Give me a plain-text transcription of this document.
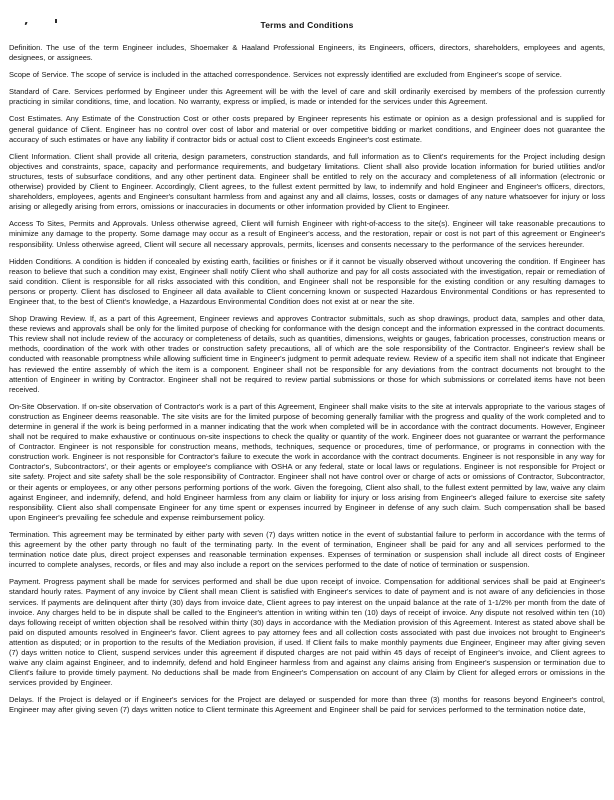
Terms and Conditions

Definition. The use of the term Engineer includes, Shoemaker & Haaland Professional Engineers, its Engineers, officers, directors, shareholders, employees and agents, designees, or assignees.

Scope of Service. The scope of service is included in the attached correspondence. Services not expressly identified are excluded from Engineer's scope of service.

Standard of Care. Services performed by Engineer under this Agreement will be with the level of care and skill ordinarily exercised by members of the profession currently practicing in similar conditions, time, and location. No warranty, express or implied, is made or intended for the services under this Agreement.

Cost Estimates. Any Estimate of the Construction Cost or other costs prepared by Engineer represents his estimate or opinion as a design professional and is supplied for general guidance of Client. Engineer has no control over cost of labor and material or over competitive bidding or market conditions, and Engineer does not guarantee the accuracy of such estimates or have any liability if contractor bids or actual cost to Client exceeds Engineer's cost estimate.

Client Information. Client shall provide all criteria, design parameters, construction standards, and full information as to Client's requirements for the Project including design objectives and constraints, space, capacity and performance requirements, and budgetary limitations. Client shall also provide location information for buried utilities and/or structures, tests of subsurface conditions, and any other pertinent data. Engineer shall be entitled to rely on the accuracy and completeness of all information (electronic or otherwise) provided by Client to Engineer. Accordingly, Client agrees, to the fullest extent permitted by law, to indemnify and hold Engineer and Engineer's officers, directors, shareholders, employees, agents and Engineer's consultant harmless from and against any and all claims, losses, costs or damages of any nature whatsoever for injury or loss arising or allegedly arising from errors, omissions or inaccuracies in documents or other information provided by Client to Engineer.

Access To Sites, Permits and Approvals. Unless otherwise agreed, Client will furnish Engineer with right-of-access to the site(s). Engineer will take reasonable precautions to minimize any damage to the property. Some damage may occur as a result of Engineer's access, and the restoration, repair or cost is not part of this agreement or Engineer's responsibility. Unless otherwise agreed, Client will secure all necessary approvals, permits, licenses and consents necessary to the performance of the services hereunder.

Hidden Conditions. A condition is hidden if concealed by existing earth, facilities or finishes or if it cannot be visually observed without uncovering the condition. If Engineer has reason to believe that such a condition may exist, Engineer shall notify Client who shall authorize and pay for all costs associated with the investigation, repair or remediation of said condition. Client is responsible for all risks associated with this condition, and Engineer shall not be responsible for the existing condition or any resulting damages to persons or property. Client has disclosed to Engineer all data available to Client concerning known or suspected Hazardous Environmental Conditions or has represented to Engineer that, to the best of Client's knowledge, a Hazardous Environmental Condition does not exist at or near the site.

Shop Drawing Review. If, as a part of this Agreement, Engineer reviews and approves Contractor submittals, such as shop drawings, product data, samples and other data, these reviews and approvals shall be only for the limited purpose of checking for conformance with the design concept and the information expressed in the contract documents. This review shall not include review of the accuracy or completeness of details, such as quantities, dimensions, weights or gauges, fabrication processes, construction means or methods, coordination of the work with other trades or construction safety precautions, all of which are the sole responsibility of the Contractor. Engineer's review shall be conducted with reasonable promptness while allowing sufficient time in Engineer's judgment to permit adequate review. Review of a specific item shall not indicate that Engineer has reviewed the entire assembly of which the item is a component. Engineer shall not be responsible for any deviations from the contract documents not brought to the attention of Engineer in writing by Contractor. Engineer shall not be required to review partial submissions or those for which submissions or correlated items have not been received.

On-Site Observation. If on-site observation of Contractor's work is a part of this Agreement, Engineer shall make visits to the site at intervals appropriate to the various stages of construction as Engineer deems reasonable. The site visits are for the limited purpose of becoming generally familiar with the progress and quality of the work completed and to determine in general if the work is being performed in a manner indicating that the work when completed will be in accordance with the contract documents. However, Engineer shall not be required to make exhaustive or continuous on-site inspections to check the quality or quantity of the work. Engineer does not guarantee or warrant the performance of Contractor. Engineer is not responsible for construction means, methods, techniques, sequence or procedures, time of performance, or programs in connection with the construction work. Engineer is not responsible for Contractor's failure to execute the work in accordance with the contract documents. Engineer is not responsible in any way for Contractor's, Subcontractors', or their agents or employee's compliance with OSHA or any federal, state or local laws or regulations. Engineer is not responsible for Project or site safety. Project and site safety shall be the sole responsibility of Contractor. Engineer shall not have control over or charge of acts or omissions of Contractor, Subcontractor, or their agents or employees, or any other persons performing portions of the work. Given the foregoing, Client also shall, to the fullest extent permitted by law, waive any claim against Engineer, and indemnify, defend, and hold Engineer harmless from any claim or liability for injury or loss arising from Engineer's alleged failure to exercise site safety responsibility. Client also shall compensate Engineer for any time spent or expenses incurred by Engineer in defense of any such claim. Such compensation shall be based upon Engineer's prevailing fee schedule and expense reimbursement policy.

Termination. This agreement may be terminated by either party with seven (7) days written notice in the event of substantial failure to perform in accordance with the terms of this agreement by the other party through no fault of the terminating party. In the event of termination, Engineer shall be paid for any and all services performed to the termination notice date plus, direct project expenses and reasonable termination expenses. Expenses of termination or suspension shall include all direct costs of Engineer incurred to complete analyses, records, or files and may also include a report on the services performed to the date of notice of termination or suspension.

Payment. Progress payment shall be made for services performed and shall be due upon receipt of invoice. Compensation for additional services shall be paid at Engineer's standard hourly rates. Payment of any invoice by Client shall mean Client is satisfied with Engineer's services to date of payment and is not aware of any deficiencies in those services. If payments are delinquent after thirty (30) days from invoice date, Client agrees to pay interest on the unpaid balance at the rate of 1-1/2% per month from the date of invoice. Any charges held to be in dispute shall be called to the Engineer's attention in writing within ten (10) days of receipt of invoice. Any dispute not resolved within ten (10) days following receipt of written objection shall be resolved within thirty (30) days in accordance with the Mediation provision of this Agreement. Interest as stated above shall be paid on disputed amounts resolved in Engineer's favor. Client agrees to pay attorney fees and all collection costs associated with past due invoices not brought to Engineer's attention as disputed; or in proportion to the results of the Mediation provision, if used. If Client fails to make monthly payments due Engineer, Engineer may after giving seven (7) days written notice to Client, suspend services under this agreement if disputed charges are not paid within 45 days of receipt of Engineer's invoice, and Client agrees to waive any claim against Engineer, and to indemnify, defend and hold Engineer harmless from and against any claims arising from Engineer's suspension or termination due to Client's failure to provide timely payment. No deductions shall be made from Engineer's Compensation on account of any Claim by Client for alleged errors or omissions in the services provided by Engineer.

Delays. If the Project is delayed or if Engineer's services for the Project are delayed or suspended for more than three (3) months for reasons beyond Engineer's control, Engineer may after giving seven (7) days written notice to Client terminate this Agreement and Engineer shall be paid for services performed to the termination notice date,
